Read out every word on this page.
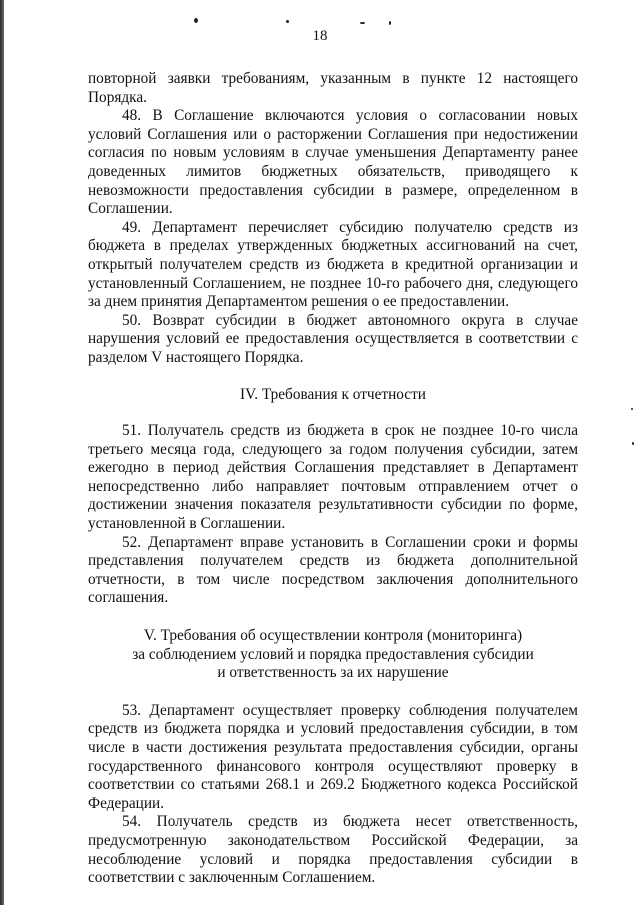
18

повторной заявки требованиям, указанным в пункте 12 настоящего Порядка.

48. В Соглашение включаются условия о согласовании новых условий Соглашения или о расторжении Соглашения при недостижении согласия по новым условиям в случае уменьшения Департаменту ранее доведенных лимитов бюджетных обязательств, приводящего к невозможности предоставления субсидии в размере, определенном в Соглашении.

49. Департамент перечисляет субсидию получателю средств из бюджета в пределах утвержденных бюджетных ассигнований на счет, открытый получателем средств из бюджета в кредитной организации и установленный Соглашением, не позднее 10-го рабочего дня, следующего за днем принятия Департаментом решения о ее предоставлении.

50. Возврат субсидии в бюджет автономного округа в случае нарушения условий ее предоставления осуществляется в соответствии с разделом V настоящего Порядка.

IV. Требования к отчетности

51. Получатель средств из бюджета в срок не позднее 10-го числа третьего месяца года, следующего за годом получения субсидии, затем ежегодно в период действия Соглашения представляет в Департамент непосредственно либо направляет почтовым отправлением отчет о достижении значения показателя результативности субсидии по форме, установленной в Соглашении.

52. Департамент вправе установить в Соглашении сроки и формы представления получателем средств из бюджета дополнительной отчетности, в том числе посредством заключения дополнительного соглашения.

V. Требования об осуществлении контроля (мониторинга)
за соблюдением условий и порядка предоставления субсидии
и ответственность за их нарушение

53. Департамент осуществляет проверку соблюдения получателем средств из бюджета порядка и условий предоставления субсидии, в том числе в части достижения результата предоставления субсидии, органы государственного финансового контроля осуществляют проверку в соответствии со статьями 268.1 и 269.2 Бюджетного кодекса Российской Федерации.

54. Получатель средств из бюджета несет ответственность, предусмотренную законодательством Российской Федерации, за несоблюдение условий и порядка предоставления субсидии в соответствии с заключенным Соглашением.
